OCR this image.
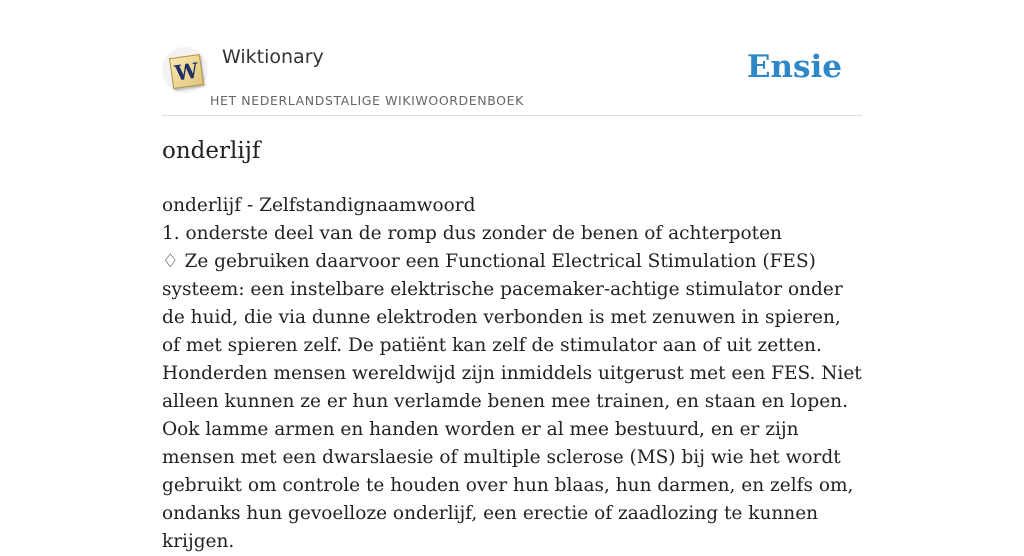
W
Wiktionary
HET NEDERLANDSTALIGE WIKIWOORDENBOEK
Ensie
onderlijf

onderlijf - Zelfstandignaamwoord

1. onderste deel van de romp dus zonder de benen of achterpoten

♢ Ze gebruiken daarvoor een Functional Electrical Stimulation (FES) systeem: een instelbare elektrische pacemaker-achtige stimulator onder de huid, die via dunne elektroden verbonden is met zenuwen in spieren, of met spieren zelf. De patiënt kan zelf de stimulator aan of uit zetten. Honderden mensen wereldwijd zijn inmiddels uitgerust met een FES. Niet alleen kunnen ze er hun verlamde benen mee trainen, en staan en lopen. Ook lamme armen en handen worden er al mee bestuurd, en er zijn mensen met een dwarslaesie of multiple sclerose (MS) bij wie het wordt gebruikt om controle te houden over hun blaas, hun darmen, en zelfs om, ondanks hun gevoelloze onderlijf, een erectie of zaadlozing te kunnen krijgen.
